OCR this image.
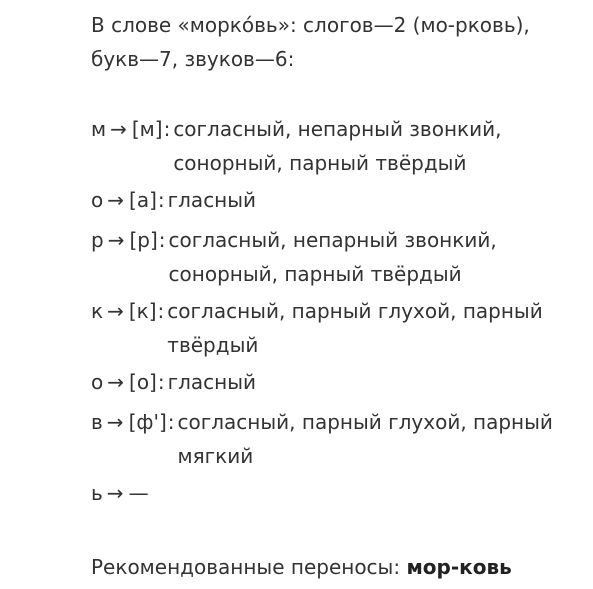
В слове «морко́вь»: слогов—2 (мо-рковь), букв—7, звуков—6:
м → [м]: согласный, непарный звонкий, сонорный, парный твёрдый
о → [а]: гласный
р → [р]: согласный, непарный звонкий, сонорный, парный твёрдый
к → [к]: согласный, парный глухой, парный твёрдый
о → [о]: гласный
в → [ф']: согласный, парный глухой, парный мягкий
ь → —
Рекомендованные переносы: мор-ковь
